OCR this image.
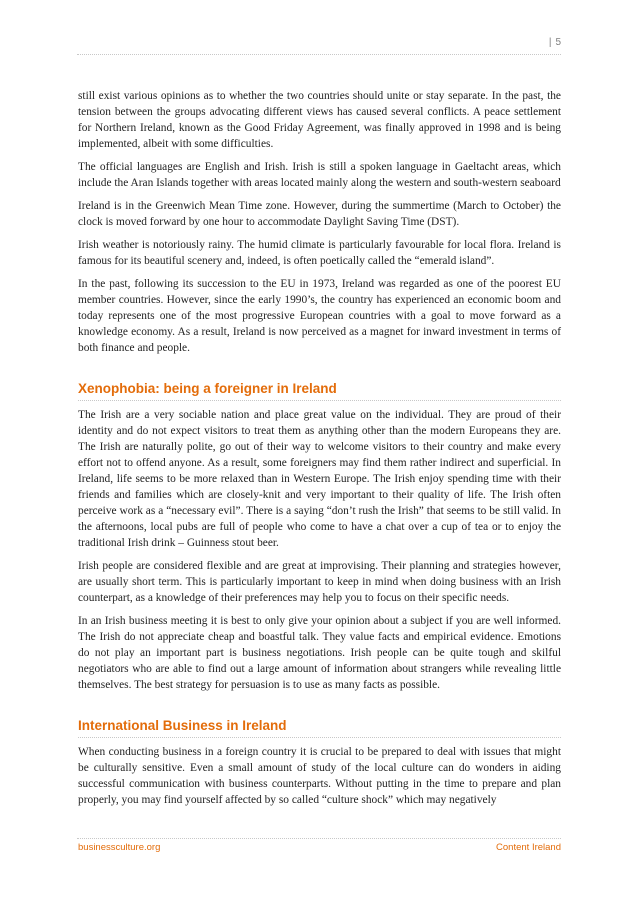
| 5

still exist various opinions as to whether the two countries should unite or stay separate. In the past, the tension between the groups advocating different views has caused several conflicts. A peace settlement for Northern Ireland, known as the Good Friday Agreement, was finally approved in 1998 and is being implemented, albeit with some difficulties.

The official languages are English and Irish. Irish is still a spoken language in Gaeltacht areas, which include the Aran Islands together with areas located mainly along the western and south-western seaboard

Ireland is in the Greenwich Mean Time zone. However, during the summertime (March to October) the clock is moved forward by one hour to accommodate Daylight Saving Time (DST).

Irish weather is notoriously rainy. The humid climate is particularly favourable for local flora. Ireland is famous for its beautiful scenery and, indeed, is often poetically called the “emerald island”.

In the past, following its succession to the EU in 1973, Ireland was regarded as one of the poorest EU member countries. However, since the early 1990’s, the country has experienced an economic boom and today represents one of the most progressive European countries with a goal to move forward as a knowledge economy. As a result, Ireland is now perceived as a magnet for inward investment in terms of both finance and people.

Xenophobia: being a foreigner in Ireland

The Irish are a very sociable nation and place great value on the individual. They are proud of their identity and do not expect visitors to treat them as anything other than the modern Europeans they are. The Irish are naturally polite, go out of their way to welcome visitors to their country and make every effort not to offend anyone. As a result, some foreigners may find them rather indirect and superficial. In Ireland, life seems to be more relaxed than in Western Europe. The Irish enjoy spending time with their friends and families which are closely-knit and very important to their quality of life. The Irish often perceive work as a “necessary evil”. There is a saying “don’t rush the Irish” that seems to be still valid. In the afternoons, local pubs are full of people who come to have a chat over a cup of tea or to enjoy the traditional Irish drink – Guinness stout beer.

Irish people are considered flexible and are great at improvising. Their planning and strategies however, are usually short term. This is particularly important to keep in mind when doing business with an Irish counterpart, as a knowledge of their preferences may help you to focus on their specific needs.

In an Irish business meeting it is best to only give your opinion about a subject if you are well informed. The Irish do not appreciate cheap and boastful talk. They value facts and empirical evidence. Emotions do not play an important part is business negotiations. Irish people can be quite tough and skilful negotiators who are able to find out a large amount of information about strangers while revealing little themselves. The best strategy for persuasion is to use as many facts as possible.

International Business in Ireland

When conducting business in a foreign country it is crucial to be prepared to deal with issues that might be culturally sensitive. Even a small amount of study of the local culture can do wonders in aiding successful communication with business counterparts. Without putting in the time to prepare and plan properly, you may find yourself affected by so called “culture shock” which may negatively

businessculture.org	Content Ireland
